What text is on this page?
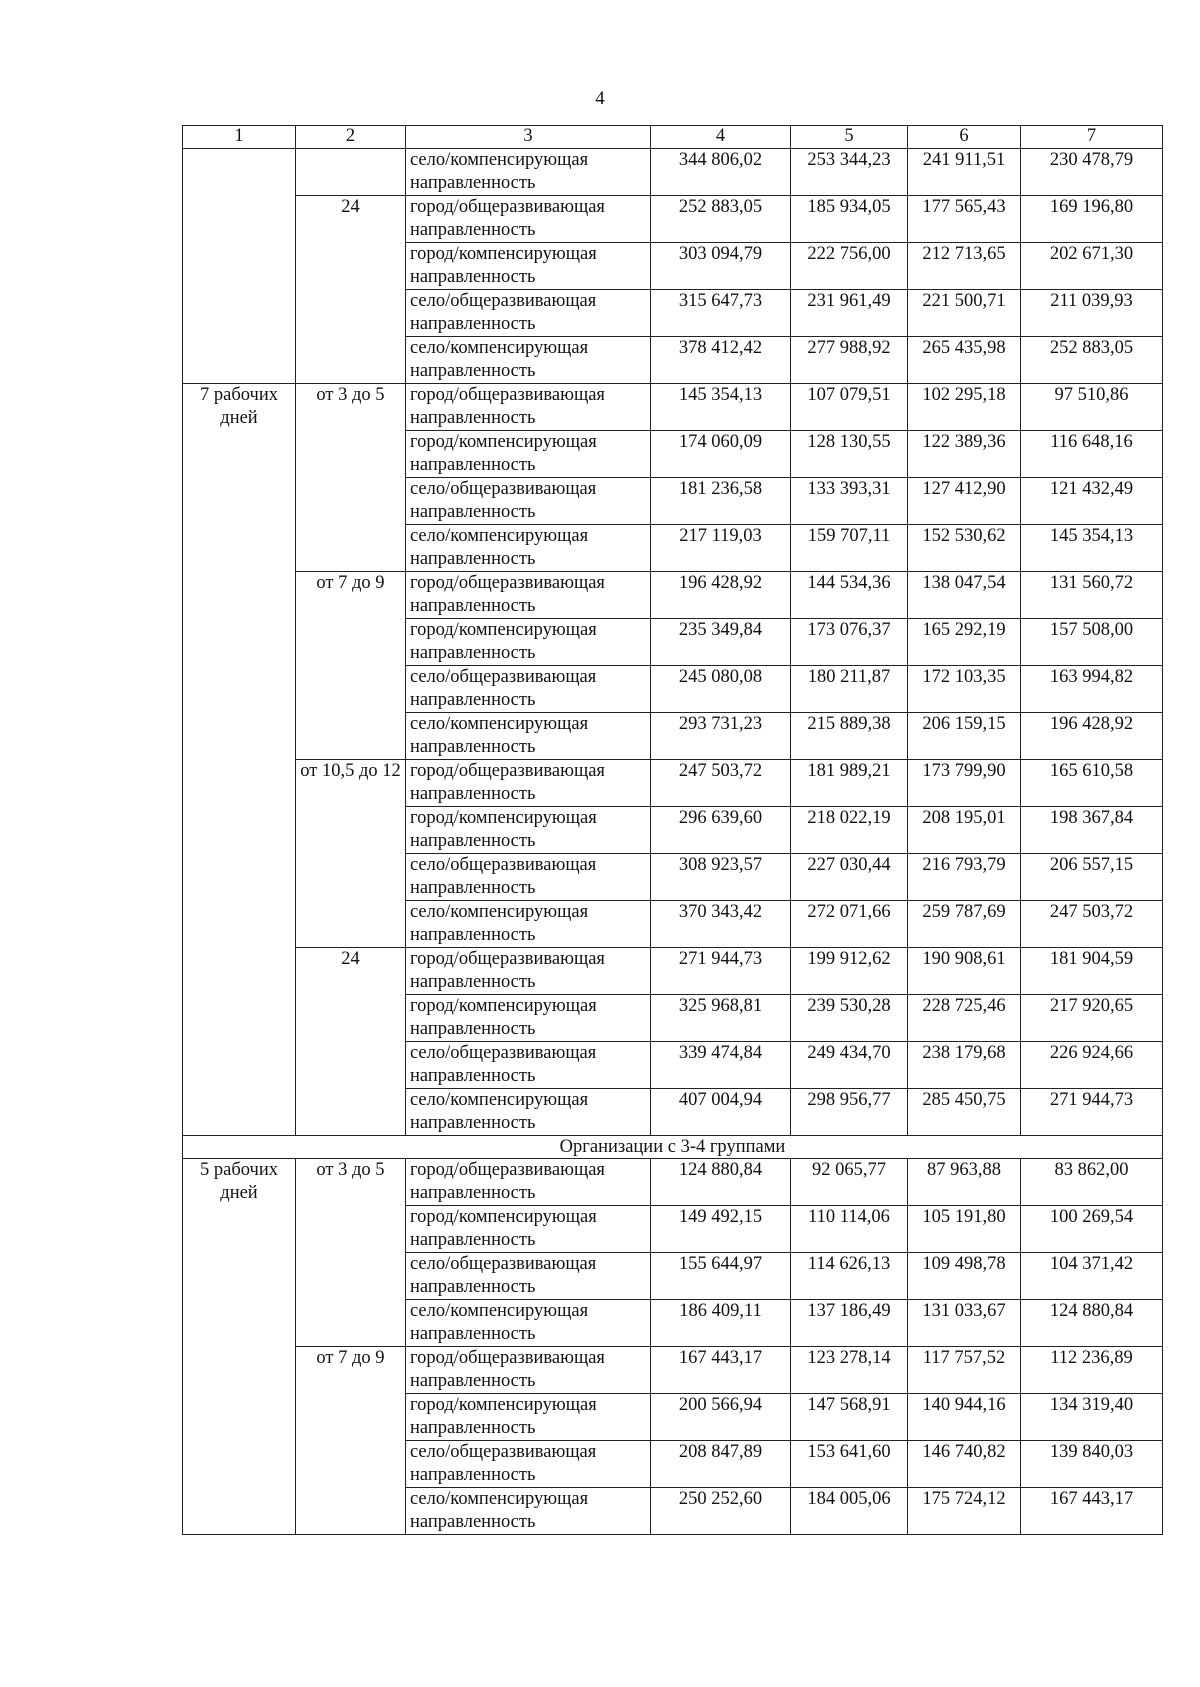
4
1	2	3	4	5	6	7
		село/компенсирующая направленность	344 806,02	253 344,23	241 911,51	230 478,79
	24	город/общеразвивающая направленность	252 883,05	185 934,05	177 565,43	169 196,80
		город/компенсирующая направленность	303 094,79	222 756,00	212 713,65	202 671,30
		село/общеразвивающая направленность	315 647,73	231 961,49	221 500,71	211 039,93
		село/компенсирующая направленность	378 412,42	277 988,92	265 435,98	252 883,05
7 рабочих дней	от 3 до 5	город/общеразвивающая направленность	145 354,13	107 079,51	102 295,18	97 510,86
		город/компенсирующая направленность	174 060,09	128 130,55	122 389,36	116 648,16
		село/общеразвивающая направленность	181 236,58	133 393,31	127 412,90	121 432,49
		село/компенсирующая направленность	217 119,03	159 707,11	152 530,62	145 354,13
	от 7 до 9	город/общеразвивающая направленность	196 428,92	144 534,36	138 047,54	131 560,72
		город/компенсирующая направленность	235 349,84	173 076,37	165 292,19	157 508,00
		село/общеразвивающая направленность	245 080,08	180 211,87	172 103,35	163 994,82
		село/компенсирующая направленность	293 731,23	215 889,38	206 159,15	196 428,92
	от 10,5 до 12	город/общеразвивающая направленность	247 503,72	181 989,21	173 799,90	165 610,58
		город/компенсирующая направленность	296 639,60	218 022,19	208 195,01	198 367,84
		село/общеразвивающая направленность	308 923,57	227 030,44	216 793,79	206 557,15
		село/компенсирующая направленность	370 343,42	272 071,66	259 787,69	247 503,72
	24	город/общеразвивающая направленность	271 944,73	199 912,62	190 908,61	181 904,59
		город/компенсирующая направленность	325 968,81	239 530,28	228 725,46	217 920,65
		село/общеразвивающая направленность	339 474,84	249 434,70	238 179,68	226 924,66
		село/компенсирующая направленность	407 004,94	298 956,77	285 450,75	271 944,73
Организации с 3-4 группами						
5 рабочих дней	от 3 до 5	город/общеразвивающая направленность	124 880,84	92 065,77	87 963,88	83 862,00
		город/компенсирующая направленность	149 492,15	110 114,06	105 191,80	100 269,54
		село/общеразвивающая направленность	155 644,97	114 626,13	109 498,78	104 371,42
		село/компенсирующая направленность	186 409,11	137 186,49	131 033,67	124 880,84
	от 7 до 9	город/общеразвивающая направленность	167 443,17	123 278,14	117 757,52	112 236,89
		город/компенсирующая направленность	200 566,94	147 568,91	140 944,16	134 319,40
		село/общеразвивающая направленность	208 847,89	153 641,60	146 740,82	139 840,03
		село/компенсирующая направленность	250 252,60	184 005,06	175 724,12	167 443,17
